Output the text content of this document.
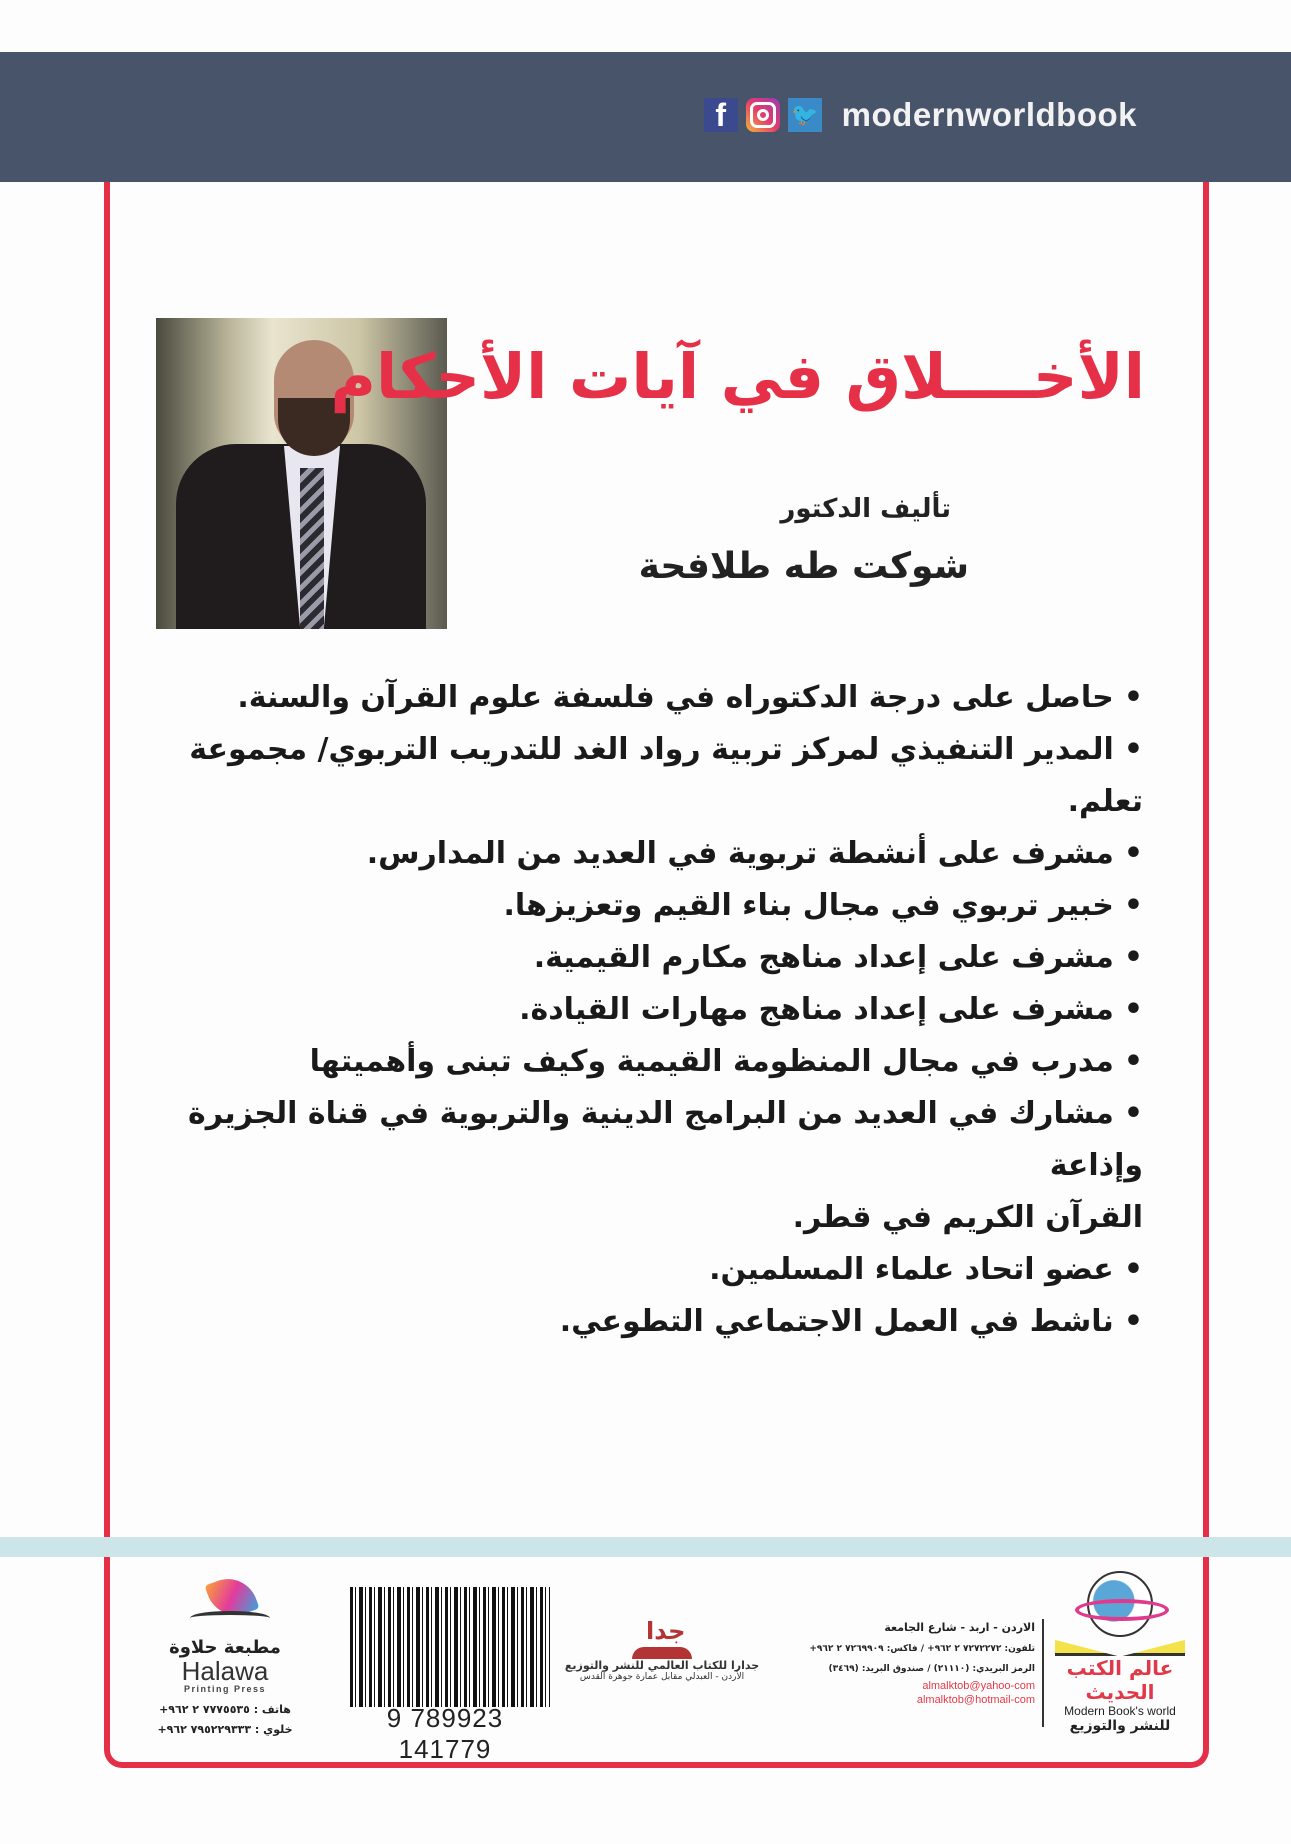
f	🐦 modernworldbook
الأخــــلاق في آيات الأحكام
تأليف الدكتور
شوكت طه طلافحة
•حاصل على درجة الدكتوراه في فلسفة علوم القرآن والسنة.
•المدير التنفيذي لمركز تربية رواد الغد للتدريب التربوي/ مجموعة تعلم.
•مشرف على أنشطة تربوية في العديد من المدارس.
•خبير تربوي في مجال بناء القيم وتعزيزها.
•مشرف على إعداد مناهج مكارم القيمية.
•مشرف على إعداد مناهج مهارات القيادة.
•مدرب في مجال المنظومة القيمية وكيف تبنى وأهميتها
•مشارك في العديد من البرامج الدينية والتربوية في قناة الجزيرة وإذاعة
القرآن الكريم في قطر.
•عضو اتحاد علماء المسلمين.
•ناشط في العمل الاجتماعي التطوعي.
مطبعة حلاوة
Halawa
Printing Press
هاتف : ٧٧٧٥٥٣٥ ٢ ٩٦٢+
خلوي : ٧٩٥٢٢٩٣٣٣ ٩٦٢+	9 789923 141779
جدا
جدارا للكتاب العالمي للنشر والتوزيع
الأردن - العبدلي مقابل عمارة جوهرة القدس
الاردن - اربد - شارع الجامعة
تلفون: ٧٢٧٢٢٧٢ ٢ ٩٦٢+ / فاكس: ٧٢٦٩٩٠٩ ٢ ٩٦٢+
الرمز البريدي: (٢١١١٠) / صندوق البريد: (٣٤٦٩)
almalktob@yahoo-com
almalktob@hotmail-com
عالم الكتب الحديث
Modern Book's world
للنشر والتوزيع
